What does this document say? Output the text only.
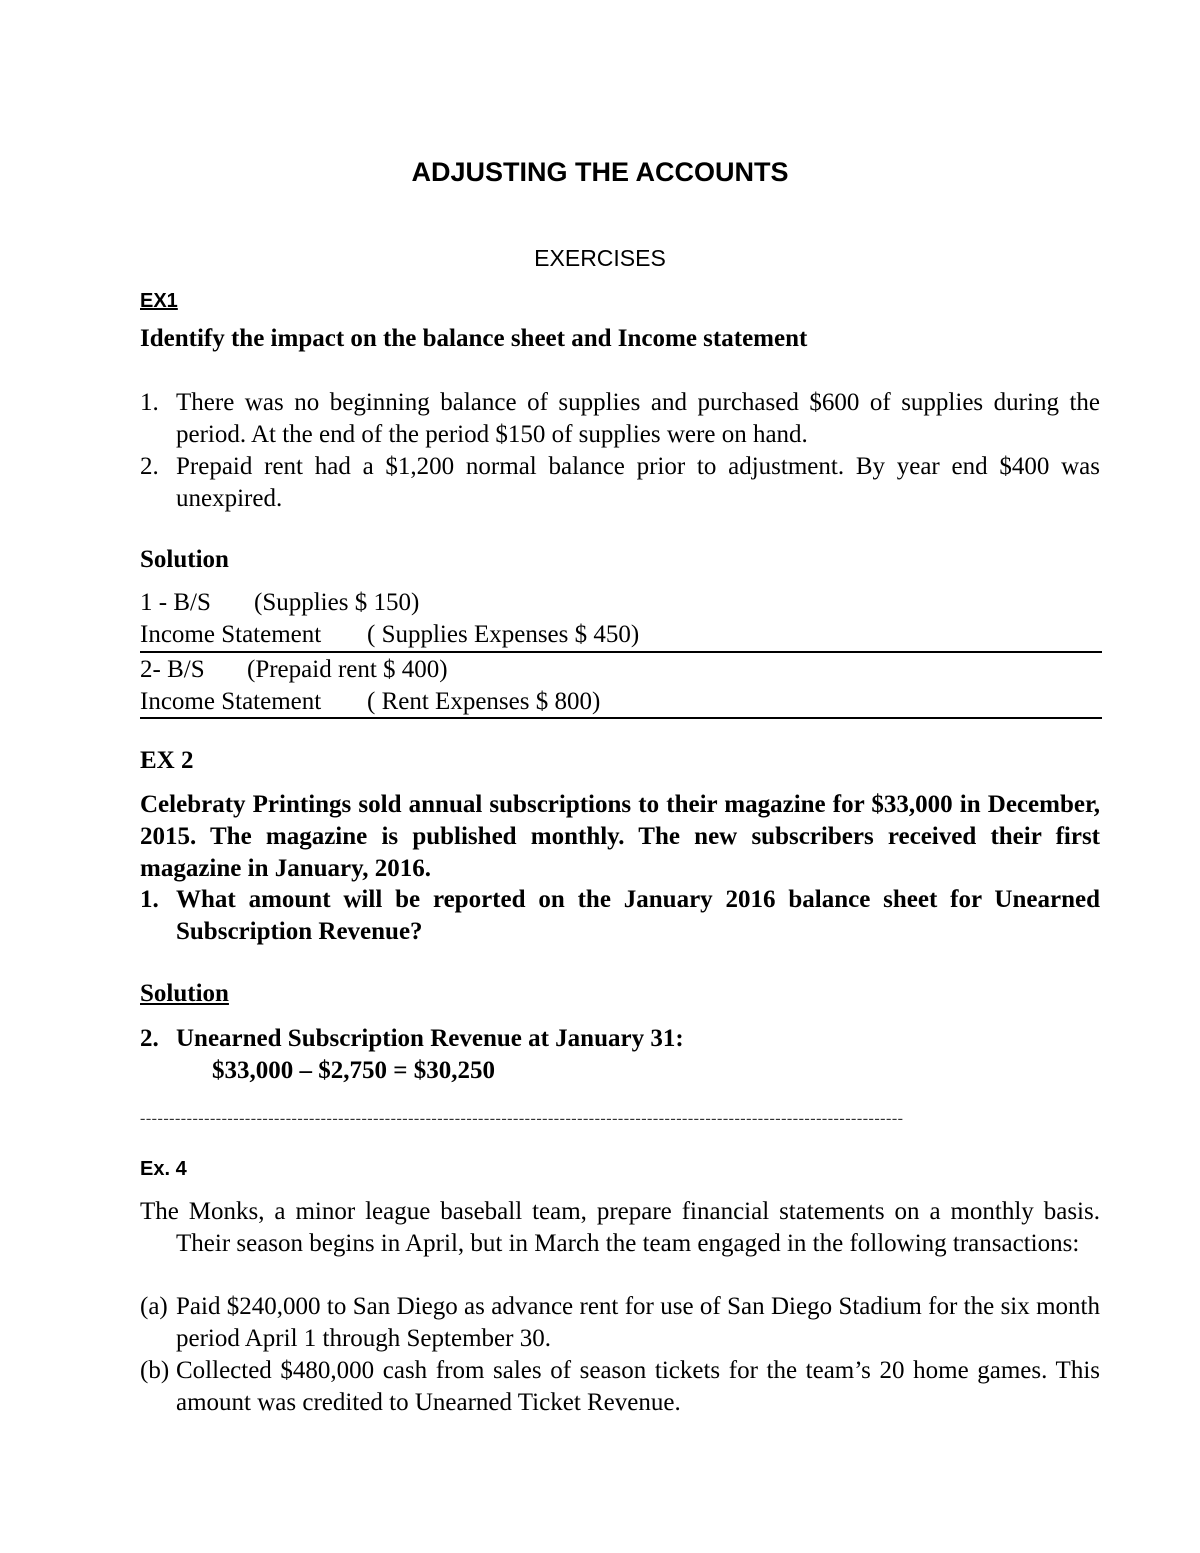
ADJUSTING THE ACCOUNTS
EXERCISES
EX1
Identify the impact on the balance sheet and Income statement
1. There was no beginning balance of supplies and purchased $600 of supplies during the period. At the end of the period $150 of supplies were on hand.
2. Prepaid rent had a $1,200 normal balance prior to adjustment. By year end $400 was unexpired.
Solution
1 - B/S (Supplies $ 150)
Income Statement ( Supplies Expenses $ 450)
2- B/S (Prepaid rent $ 400)
Income Statement ( Rent Expenses $ 800)
EX 2
Celebraty Printings sold annual subscriptions to their magazine for $33,000 in December, 2015. The magazine is published monthly. The new subscribers received their first magazine in January, 2016.
1. What amount will be reported on the January 2016 balance sheet for Unearned Subscription Revenue?
Solution
2. Unearned Subscription Revenue at January 31:
$33,000 – $2,750 = $30,250
-----------------------------------------------------------------------------------------------------------------------------------
Ex. 4
The Monks, a minor league baseball team, prepare financial statements on a monthly basis. Their season begins in April, but in March the team engaged in the following transactions:
(a) Paid $240,000 to San Diego as advance rent for use of San Diego Stadium for the six month period April 1 through September 30.
(b) Collected $480,000 cash from sales of season tickets for the team’s 20 home games. This amount was credited to Unearned Ticket Revenue.
